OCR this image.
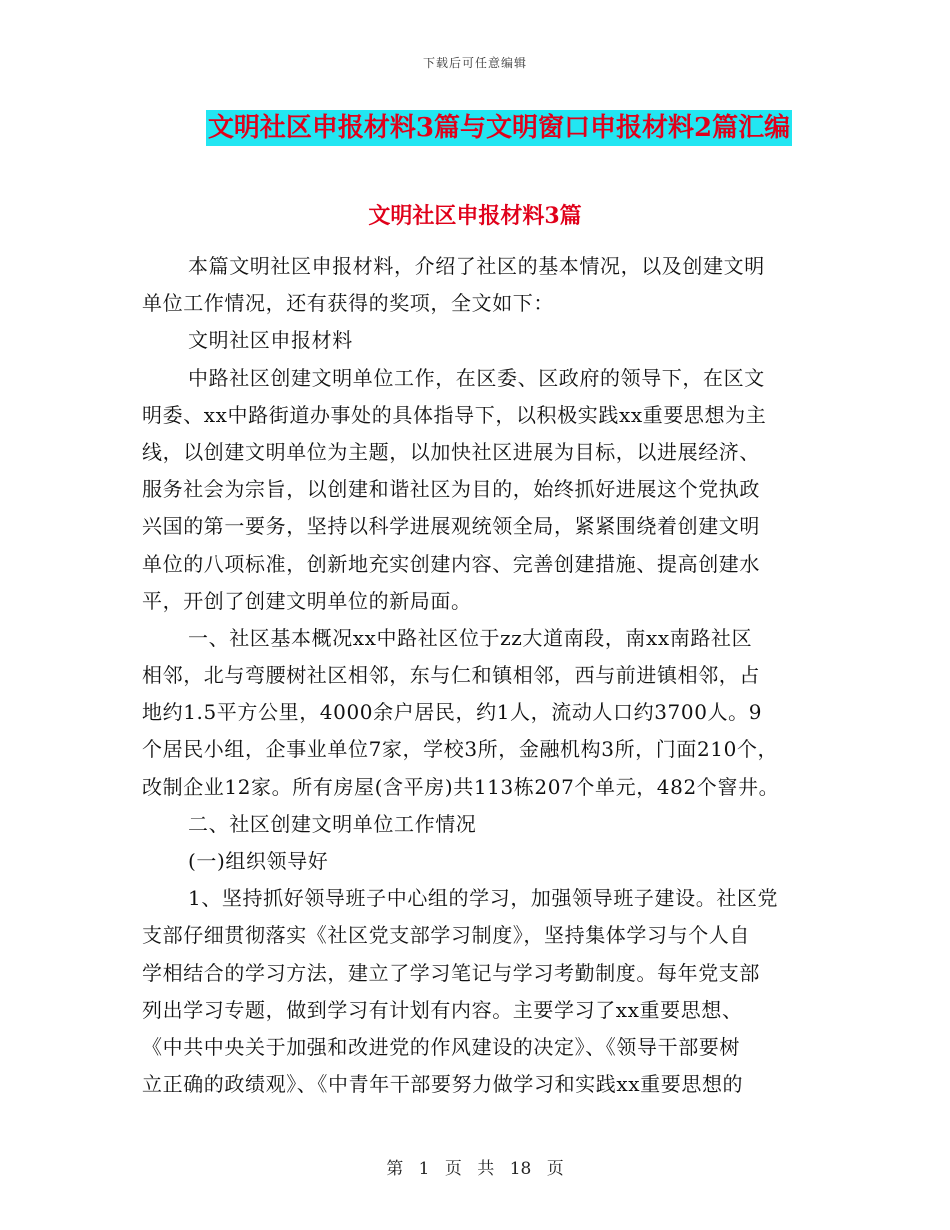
下载后可任意编辑
文明社区申报材料3篇与文明窗口申报材料2篇汇编
文明社区申报材料3篇
本篇文明社区申报材料，介绍了社区的基本情况，以及创建文明
单位工作情况，还有获得的奖项，全文如下：
文明社区申报材料
中路社区创建文明单位工作，在区委、区政府的领导下，在区文
明委、xx中路街道办事处的具体指导下，以积极实践xx重要思想为主
线，以创建文明单位为主题，以加快社区进展为目标，以进展经济、
服务社会为宗旨，以创建和谐社区为目的，始终抓好进展这个党执政
兴国的第一要务，坚持以科学进展观统领全局，紧紧围绕着创建文明
单位的八项标准，创新地充实创建内容、完善创建措施、提高创建水
平，开创了创建文明单位的新局面。
一、社区基本概况xx中路社区位于zz大道南段，南xx南路社区
相邻，北与弯腰树社区相邻，东与仁和镇相邻，西与前进镇相邻，占
地约1.5平方公里，4000余户居民，约1人，流动人口约3700人。9
个居民小组，企事业单位7家，学校3所，金融机构3所，门面210个，
改制企业12家。所有房屋(含平房)共113栋207个单元，482个窨井。
二、社区创建文明单位工作情况
(一)组织领导好
1、坚持抓好领导班子中心组的学习，加强领导班子建设。社区党
支部仔细贯彻落实《社区党支部学习制度》，坚持集体学习与个人自
学相结合的学习方法，建立了学习笔记与学习考勤制度。每年党支部
列出学习专题，做到学习有计划有内容。主要学习了xx重要思想、
《中共中央关于加强和改进党的作风建设的决定》、《领导干部要树
立正确的政绩观》、《中青年干部要努力做学习和实践xx重要思想的
第 1 页 共 18 页
